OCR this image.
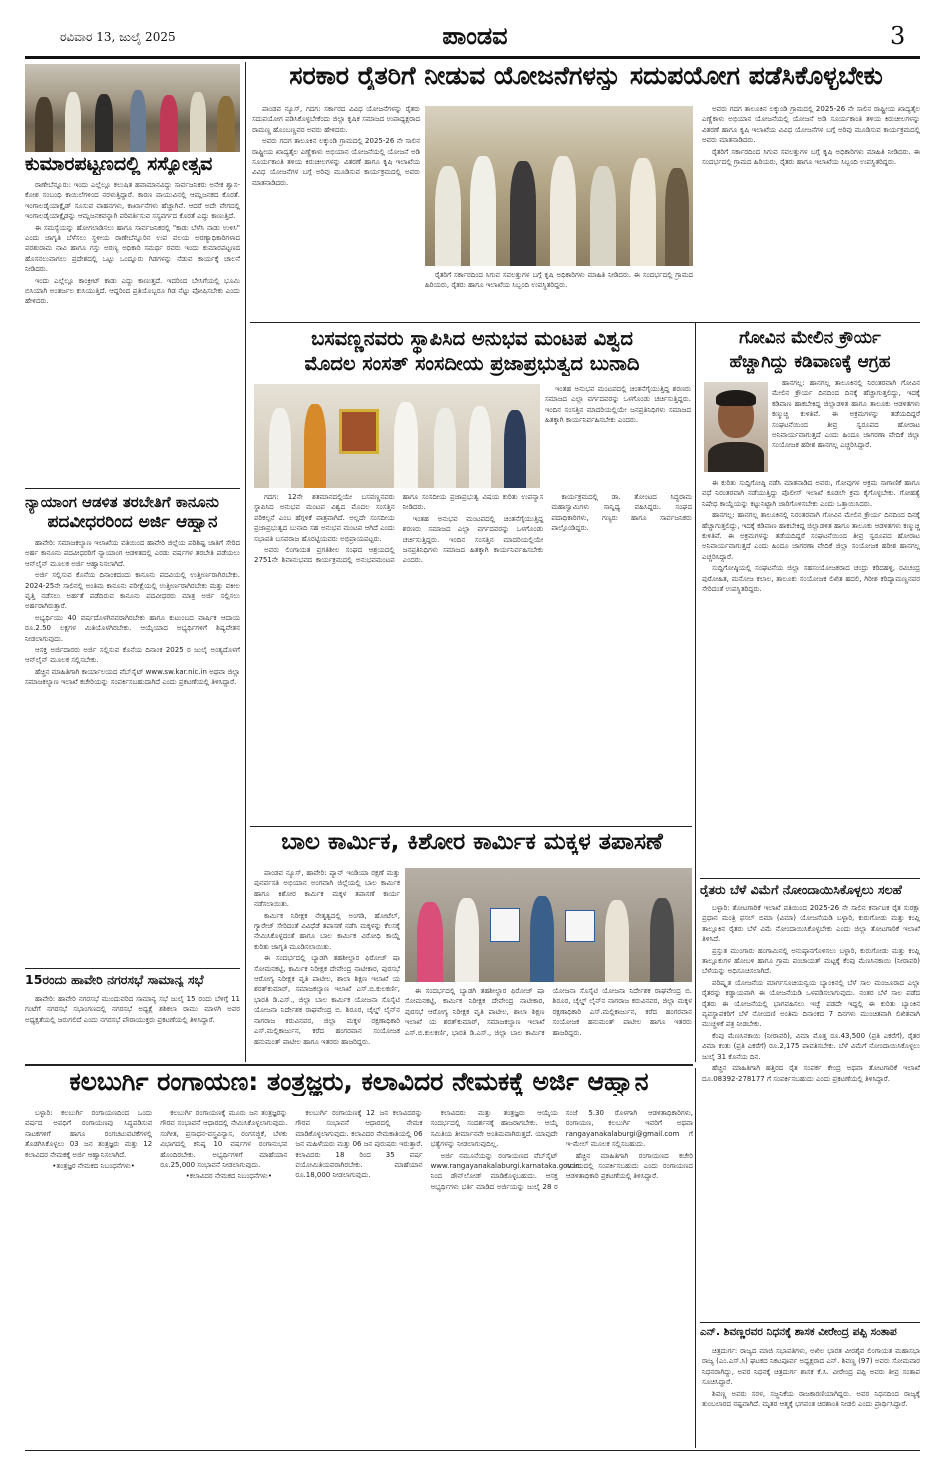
ರವಿವಾರ 13, ಜುಲೈ 2025	ಪಾಂಡವ	3
ಕುಮಾರಪಟ್ಟಣದಲ್ಲಿ ಸಸ್ಯೋತ್ಸವ

ರಾಣೇಬೆನ್ನೂರು: ಇಂದು ಎಲ್ಲೆಲ್ಲೂ ಕಲುಷಿತ ಹವಾಮಾನವಿದ್ದು ಸಾರ್ವಜನಿಕರು ಅನೇಕ ಶ್ವಾಸ-ಕೋಶ ಸಂಬಂಧಿ ಕಾಯಿಲೆಗಳಿಂದ ನರಳುತ್ತಿದ್ದಾರೆ. ಕಾರಣ ವಾಯುವಿನಲ್ಲಿ ಆಮ್ಲಜನಕದ ಕೊರತೆ. ಇಂಗಾಲಡೈಯಾಕ್ಸೈಡ್ ಸೂಸುವ ವಾಹನಗಳು, ಕಾರ್ಖಾನೆಗಳು ಹೆಚ್ಚಾಗಿವೆ. ಆದರೆ ಅದೇ ವೇಗದಲ್ಲಿ ಇಂಗಾಲಡೈಯಾಕ್ಸೈಡನ್ನು ಆಮ್ಲಜನಕವನ್ನಾಗಿ ಪರಿವರ್ತಿಸುವ ಸಸ್ಯವರ್ಗದ ಕೊರತೆ ಎದ್ದು ಕಾಣುತ್ತಿದೆ.

ಈ ಸಮಸ್ಯೆಯನ್ನು ಹೋಗಲಾಡಿಸಲು ಹಾಗೂ ಸಾರ್ವಜನಿಕರಲ್ಲಿ "ಕಾಡು ಬೆಳೆಸಿ ನಾಡು ಉಳಿಸಿ" ಎಂದು ಜಾಗೃತಿ ಬೆಳೆಸಲು ಸ್ಥಳೀಯ ರಾಣೇಬೆನ್ನೂರಿನ ಉಪ ವಲಯ ಅರಣ್ಯಾಧಿಕಾರಿಗಳಾದ ಪರಶುರಾಮ ನಾವಿ ಹಾಗೂ ಗಸ್ತು ಅರಣ್ಯ ಅಧಿಕಾರಿ ಸಮರ್ಥ ರವರು ಇಂದು ಕುಮಾರಪಟ್ಟಣದ ಹೊಸನಲುವಾಗಲು ಪ್ರದೇಶದಲ್ಲಿ ಒಟ್ಟು ಒಂದ್ನೂರು ಗಿಡಗಳನ್ನು ನೆಡುವ ಕಾರ್ಯಕ್ಕೆ ಚಾಲನೆ ನೀಡಿದರು.

ಇಂದು ಎಲ್ಲೆಲ್ಲೂ ಕಾಂಕ್ರೀಟ್ ಕಾಡು ಎದ್ದು ಕಾಣುತ್ತದೆ. ಇದರಿಂದ ಬೇಸಿಗೆಯಲ್ಲಿ ಭೂಮಿ ಬಿಸಿಯಾಗಿ ಅಂತರ್ಜಲ ಕುಸಿಯುತ್ತಿದೆ. ಆದ್ದರಿಂದ ಪ್ರತಿಯೊಬ್ಬರೂ ಗಿಡ ನೆಟ್ಟು ಪೋಷಿಸಬೇಕು ಎಂದು ಹೇಳಿದರು.

ನ್ಯಾಯಾಂಗ ಆಡಳಿತ ತರಬೇತಿಗೆ ಕಾನೂನು
ಪದವೀಧರರಿಂದ ಅರ್ಜಿ ಆಹ್ವಾನ

ಹಾವೇರಿ: ಸಮಾಜಕಲ್ಯಾಣ ಇಲಾಖೆಯ ವತಿಯಿಂದ ಹಾವೇರಿ ಜಿಲ್ಲೆಯ ಪರಿಶಿಷ್ಟ ಜಾತಿಗೆ ಸೇರಿದ ಅರ್ಹ ಕಾನೂನು ಪದವೀಧರರಿಗೆ ನ್ಯಾಯಾಂಗ ಆಡಳಿತದಲ್ಲಿ ಎರಡು ವರ್ಷಗಳ ತರಬೇತಿ ಪಡೆಯಲು ಆನ್‌ಲೈನ್ ಮೂಲಕ ಅರ್ಜಿ ಆಹ್ವಾನಿಸಲಾಗಿದೆ.

ಅರ್ಜಿ ಸಲ್ಲಿಸುವ ಕೊನೆಯ ದಿನಾಂಕದಂದು ಕಾನೂನು ಪದವಿಯಲ್ಲಿ ಉತ್ತೀರ್ಣರಾಗಿರಬೇಕು. 2024-25ನೇ ಸಾಲಿನಲ್ಲಿ ಅಂತಿಮ ಕಾನೂನು ಪರೀಕ್ಷೆಯಲ್ಲಿ ಉತ್ತೀರ್ಣರಾಗಿರಬೇಕು ಮತ್ತು ವಕೀಲ ವೃತ್ತಿ ನಡೆಸಲು ಅರ್ಹತೆ ಪಡೆದಿರುವ ಕಾನೂನು ಪದವೀಧರರು ಮಾತ್ರ ಅರ್ಜಿ ಸಲ್ಲಿಸಲು ಅರ್ಹರಾಗಿರುತ್ತಾರೆ.

ಅಭ್ಯರ್ಥಿಯು 40 ವರ್ಷದೊಳಗಿನವರಾಗಿರಬೇಕು ಹಾಗೂ ಕುಟುಂಬದ ವಾರ್ಷಿಕ ಆದಾಯ ರೂ.2.50 ಲಕ್ಷಗಳ ಮಿತಿಯೊಳಗಿರಬೇಕು. ಆಯ್ಕೆಯಾದ ಅಭ್ಯರ್ಥಿಗಳಿಗೆ ಶಿಷ್ಯವೇತನ ನೀಡಲಾಗುವುದು.

ಆಸಕ್ತ ಅರ್ಜಿದಾರರು ಅರ್ಜಿ ಸಲ್ಲಿಸುವ ಕೊನೆಯ ದಿನಾಂಕ 2025 ರ ಜುಲೈ ಅಂತ್ಯದೊಳಗೆ ಆನ್‌ಲೈನ್ ಮೂಲಕ ಸಲ್ಲಿಸಬೇಕು.

ಹೆಚ್ಚಿನ ಮಾಹಿತಿಗಾಗಿ ಕಾರ್ಯಾಲಯದ ವೆಬ್‌ಸೈಟ್ www.sw.kar.nic.in ಅಥವಾ ಜಿಲ್ಲಾ ಸಮಾಜಕಲ್ಯಾಣ ಇಲಾಖೆ ಕಚೇರಿಯನ್ನು ಸಂಪರ್ಕಿಸಬಹುದಾಗಿದೆ ಎಂದು ಪ್ರಕಟಣೆಯಲ್ಲಿ ತಿಳಿಸಿದ್ದಾರೆ.

15ರಂದು ಹಾವೇರಿ ನಗರಸಭೆ ಸಾಮಾನ್ಯ ಸಭೆ

ಹಾವೇರಿ: ಹಾವೇರಿ ನಗರಸಭೆ ಮುಂದುವರಿದ ಸಾಮಾನ್ಯ ಸಭೆ ಜುಲೈ 15 ರಂದು ಬೆಳಿಗ್ಗೆ 11 ಗಂಟೆಗೆ ನಗರಸಭೆ ಸಭಾಂಗಣದಲ್ಲಿ ನಗರಸಭೆ ಅಧ್ಯಕ್ಷೆ ಶಶಿಕಲಾ ರಾಮು ಮಾಳಗಿ ಅವರ ಅಧ್ಯಕ್ಷತೆಯಲ್ಲಿ ಜರುಗಲಿದೆ ಎಂದು ನಗರಸಭೆ ಪೌರಾಯುಕ್ತರು ಪ್ರಕಟಣೆಯಲ್ಲಿ ತಿಳಿಸಿದ್ದಾರೆ.

ಸರಕಾರ ರೈತರಿಗೆ ನೀಡುವ ಯೋಜನೆಗಳನ್ನು ಸದುಪಯೋಗ ಪಡೆಸಿಕೊಳ್ಳಬೇಕು

ಪಾಂಡವ ನ್ಯೂಸ್, ಗದಗ: ಸರ್ಕಾರದ ವಿವಿಧ ಯೋಜನೆಗಳನ್ನು ರೈತರು ಸದುಪಯೋಗ ಪಡಿಸಿಕೊಳ್ಳಬೇಕೆಂದು ಜಿಲ್ಲಾ ಕೃಷಿಕ ಸಮಾಜದ ಉಪಾಧ್ಯಕ್ಷರಾದ ರಾಮಣ್ಣ ಹೊಂಬಣ್ಣವರ ಅವರು ಹೇಳಿದರು.

ಅವರು ಗದಗ ತಾಲೂಕಿನ ಲಕ್ಕುಂಡಿ ಗ್ರಾಮದಲ್ಲಿ 2025-26 ನೇ ಸಾಲಿನ ರಾಷ್ಟ್ರೀಯ ಖಾದ್ಯತೈಲ ಎಣ್ಣೆಕಾಳು ಅಭಿಯಾನ ಯೋಜನೆಯಲ್ಲಿ ಯೋಜನೆ ಅಡಿ ಸೂರ್ಯಕಾಂತಿ ತಳಿಯ ಕಿರುಚೀಲಗಳನ್ನು ವಿತರಣೆ ಹಾಗೂ ಕೃಷಿ ಇಲಾಖೆಯ ವಿವಿಧ ಯೋಜನೆಗಳ ಬಗ್ಗೆ ಅರಿವು ಮೂಡಿಸುವ ಕಾರ್ಯಕ್ರಮದಲ್ಲಿ ಅವರು ಮಾತನಾಡಿದರು.

ರೈತರಿಗೆ ಸರ್ಕಾರದಿಂದ ಸಿಗುವ ಸವಲತ್ತುಗಳ ಬಗ್ಗೆ ಕೃಷಿ ಅಧಿಕಾರಿಗಳು ಮಾಹಿತಿ ನೀಡಿದರು. ಈ ಸಂದರ್ಭದಲ್ಲಿ ಗ್ರಾಮದ ಹಿರಿಯರು, ರೈತರು ಹಾಗೂ ಇಲಾಖೆಯ ಸಿಬ್ಬಂದಿ ಉಪಸ್ಥಿತರಿದ್ದರು.

ಅವರು ಗದಗ ತಾಲೂಕಿನ ಲಕ್ಕುಂಡಿ ಗ್ರಾಮದಲ್ಲಿ 2025-26 ನೇ ಸಾಲಿನ ರಾಷ್ಟ್ರೀಯ ಖಾದ್ಯತೈಲ ಎಣ್ಣೆಕಾಳು ಅಭಿಯಾನ ಯೋಜನೆಯಲ್ಲಿ ಯೋಜನೆ ಅಡಿ ಸೂರ್ಯಕಾಂತಿ ತಳಿಯ ಕಿರುಚೀಲಗಳನ್ನು ವಿತರಣೆ ಹಾಗೂ ಕೃಷಿ ಇಲಾಖೆಯ ವಿವಿಧ ಯೋಜನೆಗಳ ಬಗ್ಗೆ ಅರಿವು ಮೂಡಿಸುವ ಕಾರ್ಯಕ್ರಮದಲ್ಲಿ ಅವರು ಮಾತನಾಡಿದರು.

ರೈತರಿಗೆ ಸರ್ಕಾರದಿಂದ ಸಿಗುವ ಸವಲತ್ತುಗಳ ಬಗ್ಗೆ ಕೃಷಿ ಅಧಿಕಾರಿಗಳು ಮಾಹಿತಿ ನೀಡಿದರು. ಈ ಸಂದರ್ಭದಲ್ಲಿ ಗ್ರಾಮದ ಹಿರಿಯರು, ರೈತರು ಹಾಗೂ ಇಲಾಖೆಯ ಸಿಬ್ಬಂದಿ ಉಪಸ್ಥಿತರಿದ್ದರು.

ಬಸವಣ್ಣನವರು ಸ್ಥಾಪಿಸಿದ ಅನುಭವ ಮಂಟಪ ವಿಶ್ವದ
ಮೊದಲ ಸಂಸತ್ ಸಂಸದೀಯ ಪ್ರಜಾಪ್ರಭುತ್ವದ ಬುನಾದಿ

ಇಂತಹ ಅನುಭವ ಮಂಟಪದಲ್ಲಿ ಚಿಂತನೆಗೈಯುತ್ತಿದ್ದ ಶರಣರು ಸಮಾಜದ ಎಲ್ಲಾ ವರ್ಗದವರನ್ನು ಒಳಗೊಂಡು ಚರ್ಚಿಸುತ್ತಿದ್ದರು. ಇಂದಿನ ಸಂಸತ್ತಿನ ಮಾದರಿಯಲ್ಲಿಯೇ ಜನಪ್ರತಿನಿಧಿಗಳು ಸಮಾಜದ ಹಿತಕ್ಕಾಗಿ ಕಾರ್ಯನಿರ್ವಹಿಸಬೇಕು ಎಂದರು.

ಗದಗ: 12ನೇ ಶತಮಾನದಲ್ಲಿಯೇ ಬಸವಣ್ಣನವರು ಸ್ಥಾಪಿಸಿದ ಅನುಭವ ಮಂಟಪ ವಿಶ್ವದ ಮೊದಲ ಸಂಸತ್ತಿನ ಪರಿಕಲ್ಪನೆ ಎಂಬ ಹೆಗ್ಗಳಿಕೆ ಪಾತ್ರವಾಗಿದೆ. ಅಲ್ಲದೇ ಸಂಸದೀಯ ಪ್ರಜಾಪ್ರಭುತ್ವದ ಬುನಾದಿ ಸಹ ಅನುಭವ ಮಂಟಪ ಆಗಿದೆ ಎಂದು ಸಭಾಪತಿ ಬಸವರಾಜ ಹೊರಟ್ಟಿಯವರು ಅಭಿಪ್ರಾಯಪಟ್ಟರು.

ಅವರು ಲಿಂಗಾಯತ ಪ್ರಗತಿಶೀಲ ಸಂಘದ ಆಶ್ರಯದಲ್ಲಿ 2751ನೇ ಶಿವಾನುಭವದ ಕಾರ್ಯಕ್ರಮದಲ್ಲಿ ಅನುಭವಮಂಟಪ ಹಾಗೂ ಸಂಸದೀಯ ಪ್ರಜಾಪ್ರಭುತ್ವ ವಿಷಯ ಕುರಿತು ಉಪನ್ಯಾಸ ನೀಡಿದರು.

ಇಂತಹ ಅನುಭವ ಮಂಟಪದಲ್ಲಿ ಚಿಂತನೆಗೈಯುತ್ತಿದ್ದ ಶರಣರು ಸಮಾಜದ ಎಲ್ಲಾ ವರ್ಗದವರನ್ನು ಒಳಗೊಂಡು ಚರ್ಚಿಸುತ್ತಿದ್ದರು. ಇಂದಿನ ಸಂಸತ್ತಿನ ಮಾದರಿಯಲ್ಲಿಯೇ ಜನಪ್ರತಿನಿಧಿಗಳು ಸಮಾಜದ ಹಿತಕ್ಕಾಗಿ ಕಾರ್ಯನಿರ್ವಹಿಸಬೇಕು ಎಂದರು.

ಕಾರ್ಯಕ್ರಮದಲ್ಲಿ ಡಾ. ತೋಂಟದ ಸಿದ್ಧರಾಮ ಮಹಾಸ್ವಾಮಿಗಳು ಸಾನ್ನಿಧ್ಯ ವಹಿಸಿದ್ದರು. ಸಂಘದ ಪದಾಧಿಕಾರಿಗಳು, ಗಣ್ಯರು ಹಾಗೂ ಸಾರ್ವಜನಿಕರು ಪಾಲ್ಗೊಂಡಿದ್ದರು.

ಗೋವಿನ ಮೇಲಿನ ಕ್ರೌರ್ಯ
ಹೆಚ್ಚಾಗಿದ್ದು ಕಡಿವಾಣಕ್ಕೆ ಆಗ್ರಹ

ಹಾನಗಲ್ಲ: ಹಾನಗಲ್ಲ ತಾಲೂಕಿನಲ್ಲಿ ನಿರಂತರವಾಗಿ ಗೋವಿನ ಮೇಲಿನ ಕ್ರೌರ್ಯ ದಿನದಿಂದ ದಿನಕ್ಕೆ ಹೆಚ್ಚಾಗುತ್ತಲಿದ್ದು, ಇದಕ್ಕೆ ಕಡಿವಾಣ ಹಾಕಬೇಕಿದ್ದ ಜಿಲ್ಲಾಡಳಿತ ಹಾಗೂ ತಾಲೂಕು ಆಡಳಿತಗಳು ಕಣ್ಮುಚ್ಚಿ ಕುಳಿತಿವೆ. ಈ ಅಕ್ರಮಗಳನ್ನು ತಡೆಯದಿದ್ದರೆ ಸಂಘಟನೆಯಿಂದ ತೀವ್ರ ಸ್ವರೂಪದ ಹೋರಾಟ ಅನಿವಾರ್ಯವಾಗುತ್ತದೆ ಎಂದು ಹಿಂದೂ ಜಾಗರಣಾ ವೇದಿಕೆ ಜಿಲ್ಲಾ ಸಂಯೋಜಕ ಹರೀಶ ಹಾನಗಲ್ಲ ಎಚ್ಚರಿಸಿದ್ದಾರೆ.

ಈ ಕುರಿತು ಸುದ್ದಿಗೋಷ್ಠಿ ನಡೆಸಿ ಮಾತನಾಡಿದ ಅವರು, ಗೋವುಗಳ ಅಕ್ರಮ ಸಾಗಾಣಿಕೆ ಹಾಗೂ ವಧೆ ನಿರಂತರವಾಗಿ ನಡೆಯುತ್ತಿದ್ದು ಪೊಲೀಸ್ ಇಲಾಖೆ ಕೂಡಲೇ ಕ್ರಮ ಕೈಗೊಳ್ಳಬೇಕು. ಗೋಹತ್ಯೆ ನಿಷೇಧ ಕಾಯ್ದೆಯನ್ನು ಕಟ್ಟುನಿಟ್ಟಾಗಿ ಜಾರಿಗೊಳಿಸಬೇಕು ಎಂದು ಒತ್ತಾಯಿಸಿದರು.

ಹಾನಗಲ್ಲ: ಹಾನಗಲ್ಲ ತಾಲೂಕಿನಲ್ಲಿ ನಿರಂತರವಾಗಿ ಗೋವಿನ ಮೇಲಿನ ಕ್ರೌರ್ಯ ದಿನದಿಂದ ದಿನಕ್ಕೆ ಹೆಚ್ಚಾಗುತ್ತಲಿದ್ದು, ಇದಕ್ಕೆ ಕಡಿವಾಣ ಹಾಕಬೇಕಿದ್ದ ಜಿಲ್ಲಾಡಳಿತ ಹಾಗೂ ತಾಲೂಕು ಆಡಳಿತಗಳು ಕಣ್ಮುಚ್ಚಿ ಕುಳಿತಿವೆ. ಈ ಅಕ್ರಮಗಳನ್ನು ತಡೆಯದಿದ್ದರೆ ಸಂಘಟನೆಯಿಂದ ತೀವ್ರ ಸ್ವರೂಪದ ಹೋರಾಟ ಅನಿವಾರ್ಯವಾಗುತ್ತದೆ ಎಂದು ಹಿಂದೂ ಜಾಗರಣಾ ವೇದಿಕೆ ಜಿಲ್ಲಾ ಸಂಯೋಜಕ ಹರೀಶ ಹಾನಗಲ್ಲ ಎಚ್ಚರಿಸಿದ್ದಾರೆ.

ಸುದ್ದಿಗೋಷ್ಠಿಯಲ್ಲಿ ಸಂಘಟನೆಯ ಜಿಲ್ಲಾ ಸಹಸಂಯೋಜಕರಾದ ಚಂದ್ರು ಕರಿದಹಳ್ಳಿ, ರವಿಚಂದ್ರ ಪುರೋಹಿತ, ಮನೋಜ ಕಲಾಲ, ತಾಲೂಕು ಸಂಯೋಜಕ ಲಿಖಿತ ಹದಲಿ, ಗಿರೀಶ ಕರಿದ್ಯಾಮಣ್ಣನವರ ಸೇರಿದಂತೆ ಉಪಸ್ಥಿತರಿದ್ದರು.

ಬಾಲ ಕಾರ್ಮಿಕ, ಕಿಶೋರ ಕಾರ್ಮಿಕ ಮಕ್ಕಳ ತಪಾಸಣೆ

ಪಾಂಡವ ನ್ಯೂಸ್, ಹಾವೇರಿ: ಪ್ಯಾನ್ ಇಂಡಿಯಾ ರಕ್ಷಣೆ ಮತ್ತು ಪುನರ್ವಸತಿ ಅಭಿಯಾನ ಅಂಗವಾಗಿ ಜಿಲ್ಲೆಯಲ್ಲಿ ಬಾಲ ಕಾರ್ಮಿಕ ಹಾಗೂ ಕಿಶೋರ ಕಾರ್ಮಿಕ ಮಕ್ಕಳ ತಪಾಸಣೆ ಕಾರ್ಯ ನಡೆಸಲಾಯಿತು.

ಕಾರ್ಮಿಕ ನಿರೀಕ್ಷಕ ನೇತೃತ್ವದಲ್ಲಿ ಅಂಗಡಿ, ಹೋಟೆಲ್, ಗ್ಯಾರೇಜ್ ಸೇರಿದಂತೆ ವಿವಿಧೆಡೆ ತಪಾಸಣೆ ನಡೆಸಿ ಮಕ್ಕಳನ್ನು ಕೆಲಸಕ್ಕೆ ನೇಮಿಸಿಕೊಳ್ಳದಂತೆ ಹಾಗೂ ಬಾಲ ಕಾರ್ಮಿಕ ವಿರೋಧಿ ಕಾಯ್ದೆ ಕುರಿತು ಜಾಗೃತಿ ಮೂಡಿಸಲಾಯಿತು.

ಈ ಸಂದರ್ಭದಲ್ಲಿ ಬ್ಯಾಡಗಿ ತಹಶೀಲ್ದಾರ ಫಿರೋಜ್ ಷಾ ಸೋಮನಕಟ್ಟಿ, ಕಾರ್ಮಿಕ ನಿರೀಕ್ಷಕ ದೇವೇಂದ್ರ ನಾಟೀಕಾರ, ಪುರಸಭೆ ಆರೋಗ್ಯ ನಿರೀಕ್ಷಕ ವೃತಿ ಪಾಟೀಲ, ಶಾಲಾ ಶಿಕ್ಷಣ ಇಲಾಖೆ ಯ ಶರತ್‌ಕುಮಾರ್, ಸಮಾಜಕಲ್ಯಾಣ ಇಲಾಖೆ ಎಸ್.ಬಿ.ಕುಲಕರ್ಣಿ, ಭಾರತಿ ಡಿ.ಎಸ್., ಜಿಲ್ಲಾ ಬಾಲ ಕಾರ್ಮಿಕ ಯೋಜನಾ ಸೊಸೈಟಿ ಯೋಜನಾ ನಿರ್ದೇಶಕ ರಾಘವೇಂದ್ರ ಬಿ. ಶಿರೂರ, ಚೈಲ್ಡ್ ಲೈನ್‌ನ ನಾಗರಾಜ ಕರುವಿನವರ, ಜಿಲ್ಲಾ ಮಕ್ಕಳ ರಕ್ಷಣಾಧಿಕಾರಿ ಎಸ್.ಮಲ್ಲಿಕಾರ್ಜುನ, ಕರೆದ ಹಂಗರವಾನ ಸಂಯೋಜಕ ಹನುಮಂತ್ ಪಾಟೀಲ ಹಾಗೂ ಇತರರು ಹಾಜರಿದ್ದರು.

ಈ ಸಂದರ್ಭದಲ್ಲಿ ಬ್ಯಾಡಗಿ ತಹಶೀಲ್ದಾರ ಫಿರೋಜ್ ಷಾ ಸೋಮನಕಟ್ಟಿ, ಕಾರ್ಮಿಕ ನಿರೀಕ್ಷಕ ದೇವೇಂದ್ರ ನಾಟೀಕಾರ, ಪುರಸಭೆ ಆರೋಗ್ಯ ನಿರೀಕ್ಷಕ ವೃತಿ ಪಾಟೀಲ, ಶಾಲಾ ಶಿಕ್ಷಣ ಇಲಾಖೆ ಯ ಶರತ್‌ಕುಮಾರ್, ಸಮಾಜಕಲ್ಯಾಣ ಇಲಾಖೆ ಎಸ್.ಬಿ.ಕುಲಕರ್ಣಿ, ಭಾರತಿ ಡಿ.ಎಸ್., ಜಿಲ್ಲಾ ಬಾಲ ಕಾರ್ಮಿಕ ಯೋಜನಾ ಸೊಸೈಟಿ ಯೋಜನಾ ನಿರ್ದೇಶಕ ರಾಘವೇಂದ್ರ ಬಿ. ಶಿರೂರ, ಚೈಲ್ಡ್ ಲೈನ್‌ನ ನಾಗರಾಜ ಕರುವಿನವರ, ಜಿಲ್ಲಾ ಮಕ್ಕಳ ರಕ್ಷಣಾಧಿಕಾರಿ ಎಸ್.ಮಲ್ಲಿಕಾರ್ಜುನ, ಕರೆದ ಹಂಗರವಾನ ಸಂಯೋಜಕ ಹನುಮಂತ್ ಪಾಟೀಲ ಹಾಗೂ ಇತರರು ಹಾಜರಿದ್ದರು.

ರೈತರು ಬೆಳೆ ವಿಮೆಗೆ ನೋಂದಾಯಿಸಿಕೊಳ್ಳಲು ಸಲಹೆ

ಬಳ್ಳಾರಿ: ತೋಟಗಾರಿಕೆ ಇಲಾಖೆ ವತಿಯಿಂದ 2025-26 ನೇ ಸಾಲಿನ ಕರ್ನಾಟಕ ರೈತ ಸುರಕ್ಷಾ ಪ್ರಧಾನ ಮಂತ್ರಿ ಫಸಲ್ ಬಿಮಾ (ವಿಮಾ) ಯೋಜನೆಯಡಿ ಬಳ್ಳಾರಿ, ಕುರುಗೋಡು ಮತ್ತು ಕಂಪ್ಲಿ ತಾಲ್ಲೂಕಿನ ರೈತರು ಬೆಳೆ ವಿಮೆ ನೋಂದಾಯಿಸಿಕೊಳ್ಳಬೇಕು ಎಂದು ಜಿಲ್ಲಾ ತೋಟಗಾರಿಕೆ ಇಲಾಖೆ ತಿಳಿಸಿದೆ.

ಪ್ರಸ್ತುತ ಮುಂಗಾರು ಹಂಗಾಮಿನಲ್ಲಿ ಅನುಷ್ಠಾನಗೊಳಿಸಲು ಬಳ್ಳಾರಿ, ಕುರುಗೋಡು ಮತ್ತು ಕಂಪ್ಲಿ ತಾಲ್ಲೂಕುಗಳ ಹೋಬಳಿ ಹಾಗೂ ಗ್ರಾಮ ಪಂಚಾಯತ್ ಮಟ್ಟಕ್ಕೆ ಕೆಂಪು ಮೆಣಸಿನಕಾಯಿ (ನೀರಾವರಿ) ಬೆಳೆಯನ್ನು ಅಧಿಸೂಚಿಸಲಾಗಿದೆ.

ಪರಿಷ್ಕೃತ ಯೋಜನೆಯ ಮಾರ್ಗಸೂಚಿಯನ್ವಯ ಬ್ಯಾಂಕಿನಲ್ಲಿ ಬೆಳೆ ಸಾಲ ಮಂಜೂರಾದ ಎಲ್ಲಾ ರೈತರನ್ನು ಕಡ್ಡಾಯವಾಗಿ ಈ ಯೋಜನೆಯಡಿ ಒಳಪಡಿಸಲಾಗುವುದು. ನಂತರ ಬೆಳೆ ಸಾಲ ಪಡೆದ ರೈತರು ಈ ಯೋಜನೆಯಲ್ಲಿ ಭಾಗವಹಿಸಲು ಇಚ್ಛೆ ಪಡದೇ ಇದ್ದಲ್ಲಿ ಈ ಕುರಿತು ಬ್ಯಾಂಕಿನ ವ್ಯವಸ್ಥಾಪಕರಿಗೆ ಬೆಳೆ ನೋಂದಣಿ ಅಂತಿಮ ದಿನಾಂಕದ 7 ದಿನಗಳು ಮುಂಚಿತವಾಗಿ ಲಿಖಿತವಾಗಿ ಮುಚ್ಚಳಿಕೆ ಪತ್ರ ನೀಡಬೇಕು.

ಕೆಂಪು ಮೆಣಸಿನಕಾಯಿ (ನೀರಾವರಿ), ವಿಮಾ ಮೊತ್ತ ರೂ.43,500 (ಪ್ರತಿ ಎಕರೆಗೆ), ರೈತರ ವಿಮಾ ಕಂತು (ಪ್ರತಿ ಎಕರೆಗೆ) ರೂ.2,175 ಪಾವತಿಸಬೇಕು. ಬೆಳೆ ವಿಮೆಗೆ ನೋಂದಾಯಿಸಿಕೊಳ್ಳಲು ಜುಲೈ 31 ಕೊನೆಯ ದಿನ.

ಹೆಚ್ಚಿನ ಮಾಹಿತಿಗಾಗಿ ಹತ್ತಿರದ ರೈತ ಸಂಪರ್ಕ ಕೇಂದ್ರ ಅಥವಾ ತೋಟಗಾರಿಕೆ ಇಲಾಖೆ ದೂ.08392-278177 ಗೆ ಸಂಪರ್ಕಿಸಬಹುದು ಎಂದು ಪ್ರಕಟಣೆಯಲ್ಲಿ ತಿಳಿಸಿದ್ದಾರೆ.

ಕಲಬುರ್ಗಿ ರಂಗಾಯಣ: ತಂತ್ರಜ್ಞರು, ಕಲಾವಿದರ ನೇಮಕಕ್ಕೆ ಅರ್ಜಿ ಆಹ್ವಾನ

ಬಳ್ಳಾರಿ: ಕಲಬುರ್ಗಿ ರಂಗಾಯಣದಿಂದ ಒಂದು ವರ್ಷದ ಅವಧಿಗೆ ರಂಗಾಯಣವು ಸಿದ್ಧಪಡಿಸುವ ನಾಟಕಗಳಿಗೆ ಹಾಗೂ ರಂಗಚಟುವಟಿಕೆಗಳಲ್ಲಿ ತೊಡಗಿಸಿಕೊಳ್ಳಲು 03 ಜನ ತಂತ್ರಜ್ಞರು ಮತ್ತು 12 ಕಲಾವಿದರ ನೇಮಕಕ್ಕೆ ಅರ್ಜಿ ಆಹ್ವಾನಿಸಲಾಗಿದೆ.

•ತಂತ್ರಜ್ಞರ ನೇಮಕದ ನಿಬಂಧನೆಗಳು•

ಕಲಬುರ್ಗಿ ರಂಗಾಯಣಕ್ಕೆ ಮೂರು ಜನ ತಂತ್ರಜ್ಞರನ್ನು ಗೌರವ ಸಂಭಾವನೆ ಆಧಾರದಲ್ಲಿ ನೇಮಿಸಿಕೊಳ್ಳಲಾಗುವುದು. ಸಂಗೀತ, ಪ್ರಸಾಧನ-ವಸ್ತ್ರವಿನ್ಯಾಸ, ರಂಗಸಜ್ಜಿಕೆ, ಬೆಳಕು ವಿಭಾಗದಲ್ಲಿ ಕನಿಷ್ಠ 10 ವರ್ಷಗಳ ರಂಗಾನುಭವ ಹೊಂದಿರಬೇಕು. ಅಭ್ಯರ್ಥಿಗಳಿಗೆ ಮಾಹೆಯಾನ ರೂ.25,000 ಸಂಭಾವನೆ ನೀಡಲಾಗುವುದು.

•ಕಲಾವಿದರ ನೇಮಕದ ನಿಬಂಧನೆಗಳು•

ಕಲಬುರ್ಗಿ ರಂಗಾಯಣಕ್ಕೆ 12 ಜನ ಕಲಾವಿದರನ್ನು ಗೌರವ ಸಂಭಾವನೆ ಆಧಾರದಲ್ಲಿ ನೇಮಕ ಮಾಡಿಕೊಳ್ಳಲಾಗುವುದು. ಕಲಾವಿದರ ನೇಮಕಾತಿಯಲ್ಲಿ 06 ಜನ ಮಹಿಳೆಯರು ಮತ್ತು 06 ಜನ ಪುರುಷರು ಇರುತ್ತಾರೆ. ಕಲಾವಿದರು 18 ರಿಂದ 35 ವರ್ಷ ವಯೋಮಿತಿಯವರಾಗಿರಬೇಕು. ಮಾಹೆಯಾನ ರೂ.18,000 ನೀಡಲಾಗುವುದು.

ಕಲಾವಿದರು ಮತ್ತು ತಂತ್ರಜ್ಞರು ಆಯ್ಕೆಯ ಸಂದರ್ಭದಲ್ಲಿ ಸಂದರ್ಶನಕ್ಕೆ ಹಾಜರಾಗಬೇಕು. ಆಯ್ಕೆ ಸಮಿತಿಯ ತೀರ್ಮಾನವೇ ಅಂತಿಮವಾಗಿರುತ್ತದೆ. ಯಾವುದೇ ಭತ್ಯೆಗಳನ್ನು ನೀಡಲಾಗುವುದಿಲ್ಲ.

ಅರ್ಜಿ ನಮೂನೆಯನ್ನು ರಂಗಾಯಣದ ವೆಬ್‌ಸೈಟ್ www.rangayanakalaburgi.karnataka.gov.in ನಿಂದ ಡೌನ್‌ಲೋಡ್ ಮಾಡಿಕೊಳ್ಳಬಹುದು. ಆಸಕ್ತ ಅಭ್ಯರ್ಥಿಗಳು ಭರ್ತಿ ಮಾಡಿದ ಅರ್ಜಿಯನ್ನು ಜುಲೈ 28 ರ ಸಂಜೆ 5.30 ರೊಳಗಾಗಿ ಆಡಳಿತಾಧಿಕಾರಿಗಳು, ರಂಗಾಯಣ, ಕಲಬುರ್ಗಿ ಇವರಿಗೆ ಅಥವಾ rangayanakalaburgi@gmail.com ಗೆ ಇ-ಮೇಲ್ ಮೂಲಕ ಸಲ್ಲಿಸಬಹುದು.

ಹೆಚ್ಚಿನ ಮಾಹಿತಿಗಾಗಿ ರಂಗಾಯಣದ ಕಚೇರಿ ಸಮಯದಲ್ಲಿ ಸಂಪರ್ಕಿಸಬಹುದು ಎಂದು ರಂಗಾಯಣದ ಆಡಳಿತಾಧಿಕಾರಿ ಪ್ರಕಟಣೆಯಲ್ಲಿ ತಿಳಿಸಿದ್ದಾರೆ.

ಎನ್. ಶಿವಣ್ಣರವರ ನಿಧನಕ್ಕೆ ಶಾಸಕ ವೀರೇಂದ್ರ ಪಪ್ಪಿ ಸಂತಾಪ

ಚಿತ್ರದುರ್ಗ: ರಾಜ್ಯದ ಮಾಜಿ ಸಭಾಪತಿಗಳು, ಅಖಿಲ ಭಾರತ ವೀರಶೈವ ಲಿಂಗಾಯತ ಮಹಾಸಭಾ ರಾಜ್ಯ (ಎಂ.ಎಸ್.ಸಿ) ಘಟಕದ ನಿಕಟಪೂರ್ವ ಅಧ್ಯಕ್ಷರಾದ ಎನ್. ಶಿವಣ್ಣ (97) ಅವರು ಸೋಮವಾರ ನಿಧನರಾಗಿದ್ದು, ಅವರ ನಿಧನಕ್ಕೆ ಚಿತ್ರದುರ್ಗ ಶಾಸಕ ಕೆ.ಸಿ. ವೀರೇಂದ್ರ ಪಪ್ಪಿ ಅವರು ತೀವ್ರ ಸಂತಾಪ ಸೂಚಿಸಿದ್ದಾರೆ.

ಶಿವಣ್ಣ ಅವರು ಸರಳ, ಸಜ್ಜನಿಕೆಯ ರಾಜಕಾರಣಿಯಾಗಿದ್ದರು. ಅವರ ನಿಧನದಿಂದ ರಾಜ್ಯಕ್ಕೆ ತುಂಬಲಾರದ ನಷ್ಟವಾಗಿದೆ. ಮೃತರ ಆತ್ಮಕ್ಕೆ ಭಗವಂತ ಚಿರಶಾಂತಿ ನೀಡಲಿ ಎಂದು ಪ್ರಾರ್ಥಿಸಿದ್ದಾರೆ.
